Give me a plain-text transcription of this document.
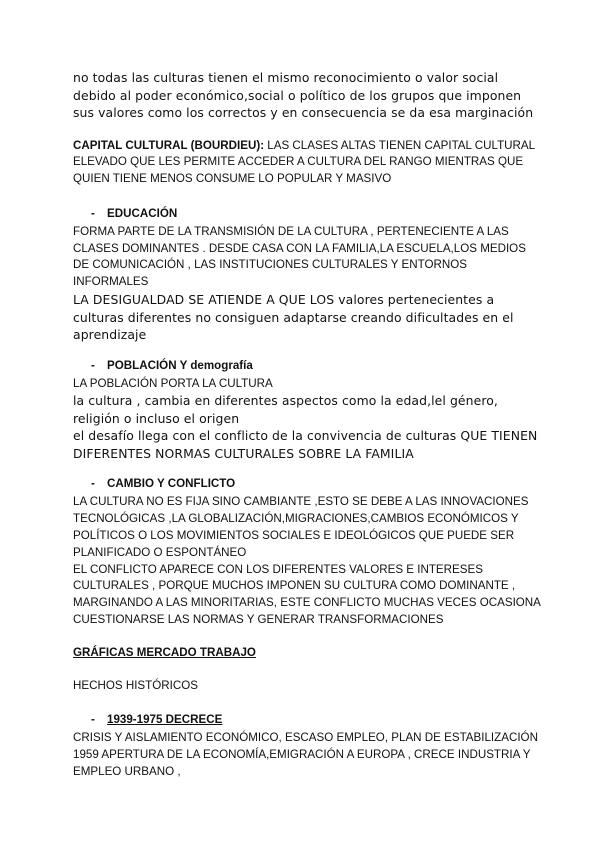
no todas las culturas tienen el mismo reconocimiento o valor social debido al poder económico,social o político de los grupos que imponen sus valores como los correctos y en consecuencia se da esa marginación

CAPITAL CULTURAL (BOURDIEU): LAS CLASES ALTAS TIENEN CAPITAL CULTURAL ELEVADO QUE LES PERMITE ACCEDER A CULTURA DEL RANGO MIENTRAS QUE QUIEN TIENE MENOS CONSUME LO POPULAR Y MASIVO

-	EDUCACIÓN

FORMA PARTE DE LA TRANSMISIÓN DE LA CULTURA , PERTENECIENTE A LAS CLASES DOMINANTES . DESDE CASA CON LA FAMILIA,LA ESCUELA,LOS MEDIOS DE COMUNICACIÓN , LAS INSTITUCIONES CULTURALES Y ENTORNOS INFORMALES

LA DESIGUALDAD SE ATIENDE A QUE LOS valores pertenecientes a culturas diferentes no consiguen adaptarse creando dificultades en el aprendizaje

-	POBLACIÓN Y demografía

LA POBLACIÓN PORTA LA CULTURA

la cultura , cambia en diferentes aspectos como la edad,lel género, religión o incluso el origen

el desafío llega con el conflicto de la convivencia de culturas QUE TIENEN DIFERENTES NORMAS CULTURALES SOBRE LA FAMILIA

-	CAMBIO Y CONFLICTO

LA CULTURA NO ES FIJA SINO CAMBIANTE ,ESTO SE DEBE A LAS INNOVACIONES TECNOLÓGICAS ,LA GLOBALIZACIÓN,MIGRACIONES,CAMBIOS ECONÓMICOS Y POLÍTICOS O LOS MOVIMIENTOS SOCIALES E IDEOLÓGICOS QUE PUEDE SER PLANIFICADO O ESPONTÁNEO

EL CONFLICTO APARECE CON LOS DIFERENTES VALORES E INTERESES CULTURALES , PORQUE MUCHOS IMPONEN SU CULTURA COMO DOMINANTE , MARGINANDO A LAS MINORITARIAS, ESTE CONFLICTO MUCHAS VECES OCASIONA CUESTIONARSE LAS NORMAS Y GENERAR TRANSFORMACIONES

GRÁFICAS MERCADO TRABAJO

HECHOS HISTÓRICOS

-	1939-1975 DECRECE

CRISIS Y AISLAMIENTO ECONÓMICO, ESCASO EMPLEO, PLAN DE ESTABILIZACIÓN 1959 APERTURA DE LA ECONOMÍA,EMIGRACIÓN A EUROPA , CRECE INDUSTRIA Y EMPLEO URBANO ,
